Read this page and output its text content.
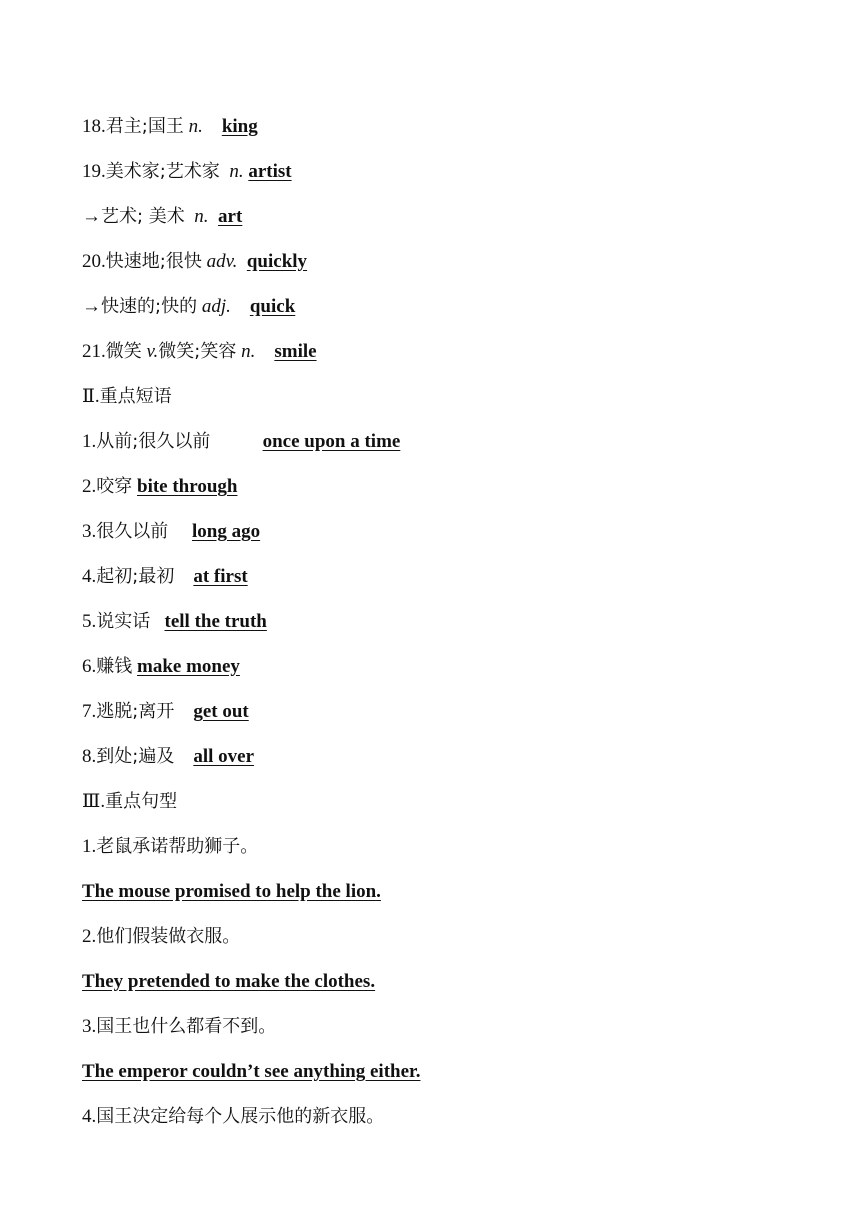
18.君主;国王 n. king
19.美术家;艺术家 n. artist
→艺术; 美术 n. art
20.快速地;很快 adv. quickly
→快速的;快的 adj. quick
21.微笑 v.微笑;笑容 n. smile
Ⅱ.重点短语
1.从前;很久以前	once upon a time
2.咬穿 bite through
3.很久以前 long ago
4.起初;最初 at first
5.说实话 tell the truth
6.赚钱 make money
7.逃脱;离开 get out
8.到处;遍及 all over
Ⅲ.重点句型
1.老鼠承诺帮助狮子。
The mouse promised to help the lion.
2.他们假装做衣服。
They pretended to make the clothes.
3.国王也什么都看不到。
The emperor couldn’t see anything either.
4.国王决定给每个人展示他的新衣服。
